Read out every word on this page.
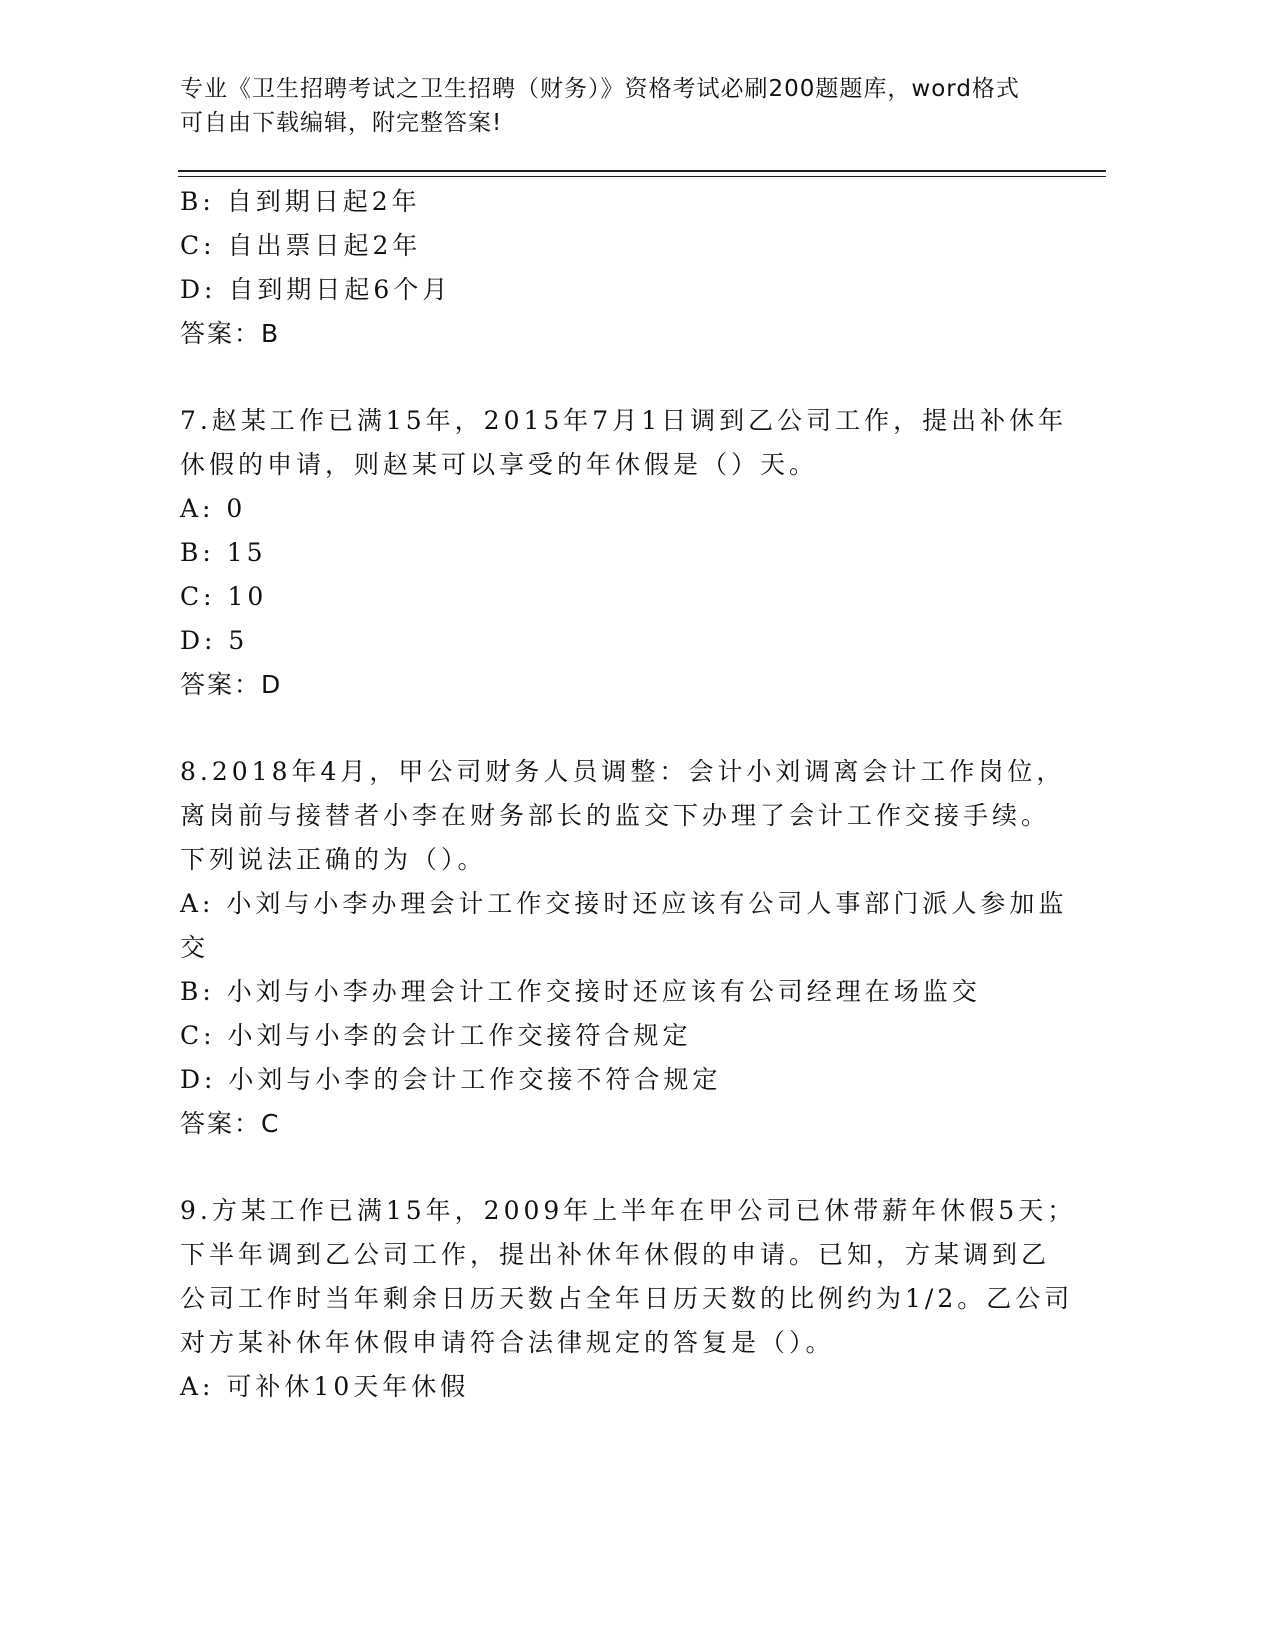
专业《卫生招聘考试之卫生招聘（财务）》资格考试必刷200题题库，word格式
可自由下载编辑，附完整答案!
B: 自到期日起2年
C: 自出票日起2年
D: 自到期日起6个月
答案：B
7.赵某工作已满15年，2015年7月1日调到乙公司工作，提出补休年
休假的申请，则赵某可以享受的年休假是（）天。
A: 0
B: 15
C: 10
D: 5
答案：D
8.2018年4月，甲公司财务人员调整：会计小刘调离会计工作岗位，
离岗前与接替者小李在财务部长的监交下办理了会计工作交接手续。
下列说法正确的为（）。
A: 小刘与小李办理会计工作交接时还应该有公司人事部门派人参加监
交
B: 小刘与小李办理会计工作交接时还应该有公司经理在场监交
C: 小刘与小李的会计工作交接符合规定
D: 小刘与小李的会计工作交接不符合规定
答案：C
9.方某工作已满15年，2009年上半年在甲公司已休带薪年休假5天；
下半年调到乙公司工作，提出补休年休假的申请。已知，方某调到乙
公司工作时当年剩余日历天数占全年日历天数的比例约为1/2。乙公司
对方某补休年休假申请符合法律规定的答复是（）。
A: 可补休10天年休假
